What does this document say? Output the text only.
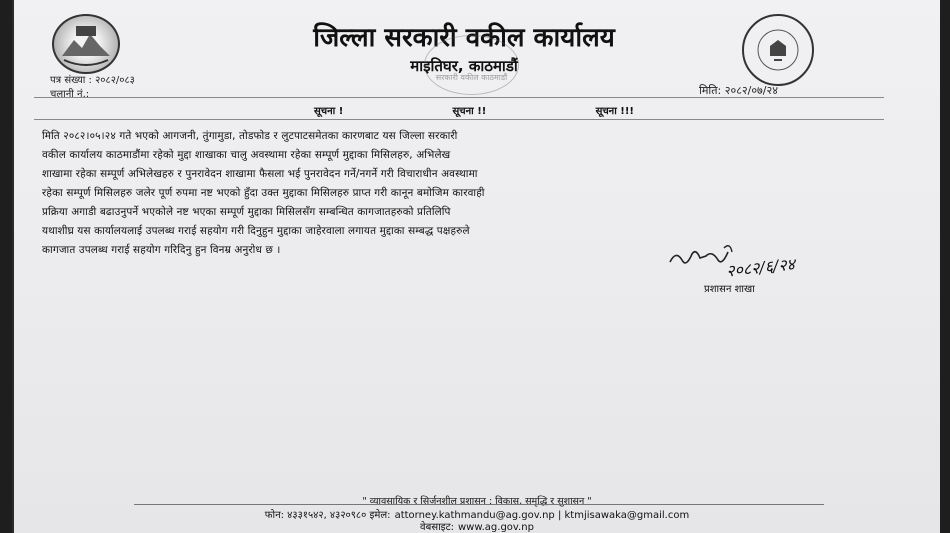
जिल्ला सरकारी वकील कार्यालय
माइतिघर, काठमाडौं
सरकारी वकील काठमाडौं
पत्र संख्या : २०८२/०८३
चलानी नं.:	मिति: २०८२/०७/२४
सूचना !	सूचना !!	सूचना !!!
मिति २०८२।०५।२४ गते भएको आगजनी, तुंगामुडा, तोडफोड र लुटपाटसमेतका कारणबाट यस जिल्ला सरकारी
वकील कार्यालय काठमाडौंमा रहेको मुद्दा शाखाका चालु अवस्थामा रहेका सम्पूर्ण मुद्दाका मिसिलहरु, अभिलेख
शाखामा रहेका सम्पूर्ण अभिलेखहरु र पुनरावेदन शाखामा फैसला भई पुनरावेदन गर्ने/नगर्ने गरी विचाराधीन अवस्थामा
रहेका सम्पूर्ण मिसिलहरु जलेर पूर्ण रुपमा नष्ट भएको हुँदा उक्त मुद्दाका मिसिलहरु प्राप्त गरी कानून बमोजिम कारवाही
प्रक्रिया अगाडी बढाउनुपर्ने भएकोले नष्ट भएका सम्पूर्ण मुद्दाका मिसिलसँग सम्बन्धित कागजातहरुको प्रतिलिपि
यथाशीघ्र यस कार्यालयलाई उपलब्ध गराई सहयोग गरी दिनुहुन मुद्दाका जाहेरवाला लगायत मुद्दाका सम्बद्ध पक्षहरुले
कागजात उपलब्ध गराई सहयोग गरिदिनु हुन विनम्र अनुरोध छ ।
२०८२/६/२४
प्रशासन शाखा
" व्यावसायिक र सिर्जनशील प्रशासन : विकास, समृद्धि र सुशासन "
फोन: ४३३१५४२, ४३२०९८० इमेल: attorney.kathmandu@ag.gov.np | ktmjisawaka@gmail.com
वेबसाइट: www.ag.gov.np
